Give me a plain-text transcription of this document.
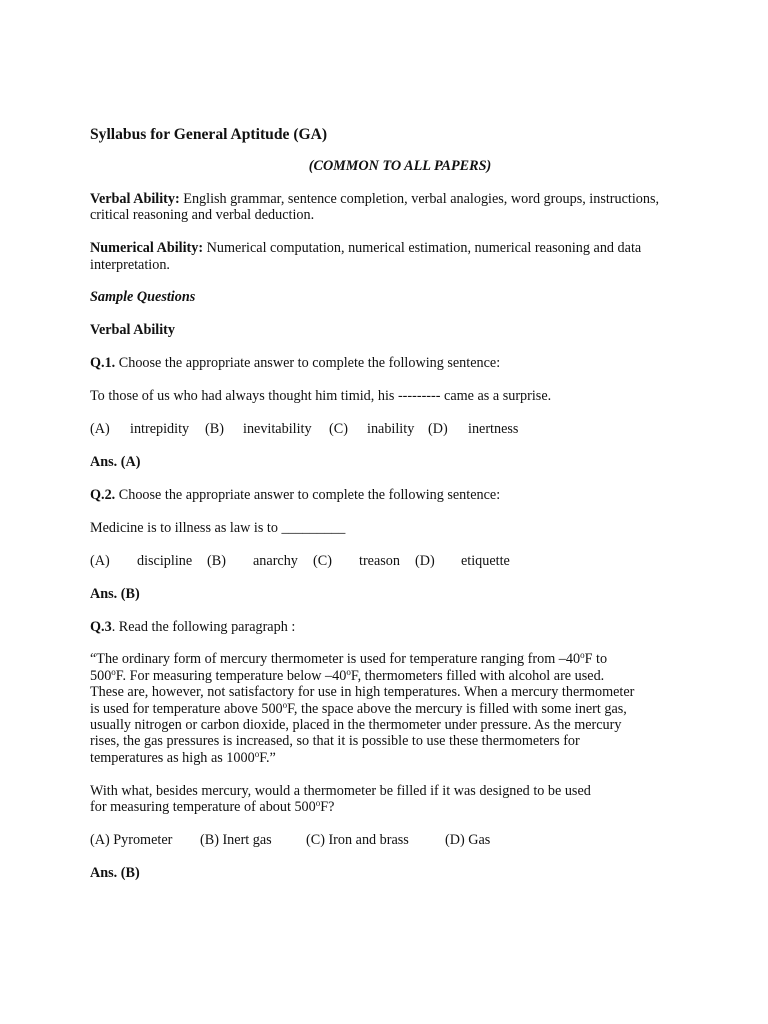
Syllabus for General Aptitude (GA)
(COMMON TO ALL PAPERS)

Verbal Ability: English grammar, sentence completion, verbal analogies, word groups, instructions, critical reasoning and verbal deduction.

Numerical Ability: Numerical computation, numerical estimation, numerical reasoning and data interpretation.

Sample Questions

Verbal Ability

Q.1. Choose the appropriate answer to complete the following sentence:

To those of us who had always thought him timid, his --------- came as a surprise.

(A) intrepidity (B) inevitability (C) inability (D) inertness

Ans. (A)

Q.2. Choose the appropriate answer to complete the following sentence:

Medicine is to illness as law is to _________

(A) discipline (B) anarchy (C) treason (D) etiquette

Ans. (B)

Q.3. Read the following paragraph :

“The ordinary form of mercury thermometer is used for temperature ranging from –40$^o$F to
500$^o$F. For measuring temperature below –40$^o$F, thermometers filled with alcohol are used.
These are, however, not satisfactory for use in high temperatures. When a mercury thermometer
is used for temperature above 500$^o$F, the space above the mercury is filled with some inert gas,
usually nitrogen or carbon dioxide, placed in the thermometer under pressure. As the mercury
rises, the gas pressures is increased, so that it is possible to use these thermometers for
temperatures as high as 1000$^o$F.”

With what, besides mercury, would a thermometer be filled if it was designed to be used
for measuring temperature of about 500$^o$F?

(A) Pyrometer (B) Inert gas (C) Iron and brass	(D) Gas

Ans. (B)
